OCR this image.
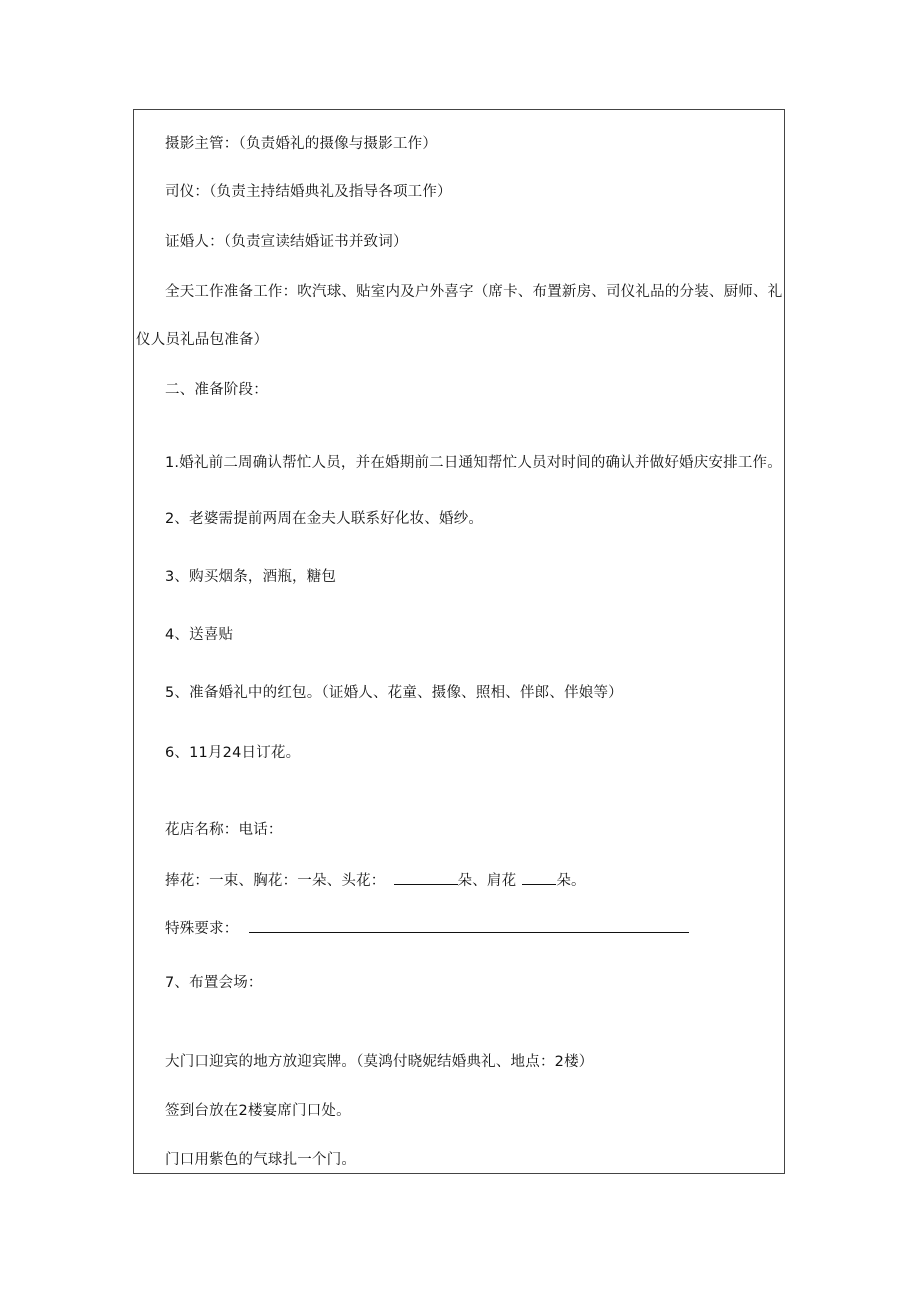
摄影主管：（负责婚礼的摄像与摄影工作）
司仪：（负责主持结婚典礼及指导各项工作）
证婚人：（负责宣读结婚证书并致词）
全天工作准备工作：吹汽球、贴室内及户外喜字（席卡、布置新房、司仪礼品的分装、厨师、礼
仪人员礼品包准备）
二、准备阶段：
1.婚礼前二周确认帮忙人员，并在婚期前二日通知帮忙人员对时间的确认并做好婚庆安排工作。
2、老婆需提前两周在金夫人联系好化妆、婚纱。
3、购买烟条，酒瓶，糖包
4、送喜贴
5、准备婚礼中的红包。（证婚人、花童、摄像、照相、伴郎、伴娘等）
6、11月24日订花。
花店名称：电话：
捧花：一束、胸花：一朵、头花：	朵、肩花	朵。
特殊要求：
7、布置会场：
大门口迎宾的地方放迎宾牌。（莫鸿付晓妮结婚典礼、地点：2楼）
签到台放在2楼宴席门口处。
门口用紫色的气球扎一个门。
